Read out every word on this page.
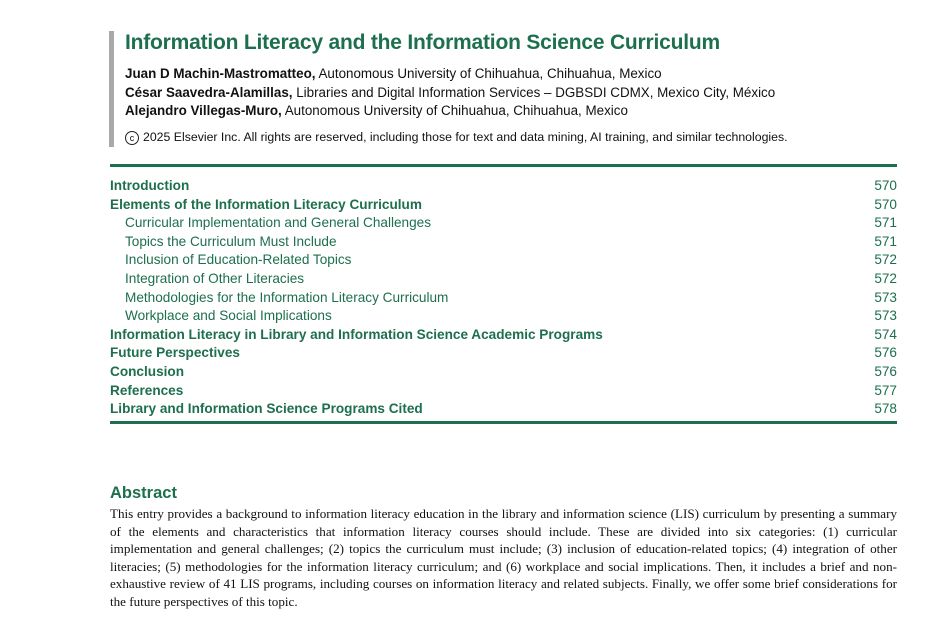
Information Literacy and the Information Science Curriculum
Juan D Machin-Mastromatteo, Autonomous University of Chihuahua, Chihuahua, Mexico
César Saavedra-Alamillas, Libraries and Digital Information Services – DGBSDI CDMX, Mexico City, México
Alejandro Villegas-Muro, Autonomous University of Chihuahua, Chihuahua, Mexico
c 2025 Elsevier Inc. All rights are reserved, including those for text and data mining, AI training, and similar technologies.
Introduction	570
Elements of the Information Literacy Curriculum	570
Curricular Implementation and General Challenges	571
Topics the Curriculum Must Include	571
Inclusion of Education-Related Topics	572
Integration of Other Literacies	572
Methodologies for the Information Literacy Curriculum	573
Workplace and Social Implications	573
Information Literacy in Library and Information Science Academic Programs	574
Future Perspectives	576
Conclusion	576
References	577
Library and Information Science Programs Cited	578
Abstract

This entry provides a background to information literacy education in the library and information science (LIS) curriculum by presenting a summary of the elements and characteristics that information literacy courses should include. These are divided into six categories: (1) curricular implementation and general challenges; (2) topics the curriculum must include; (3) inclusion of education-related topics; (4) integration of other literacies; (5) methodologies for the information literacy curriculum; and (6) workplace and social implications. Then, it includes a brief and non-exhaustive review of 41 LIS programs, including courses on information literacy and related subjects. Finally, we offer some brief considerations for the future perspectives of this topic.
